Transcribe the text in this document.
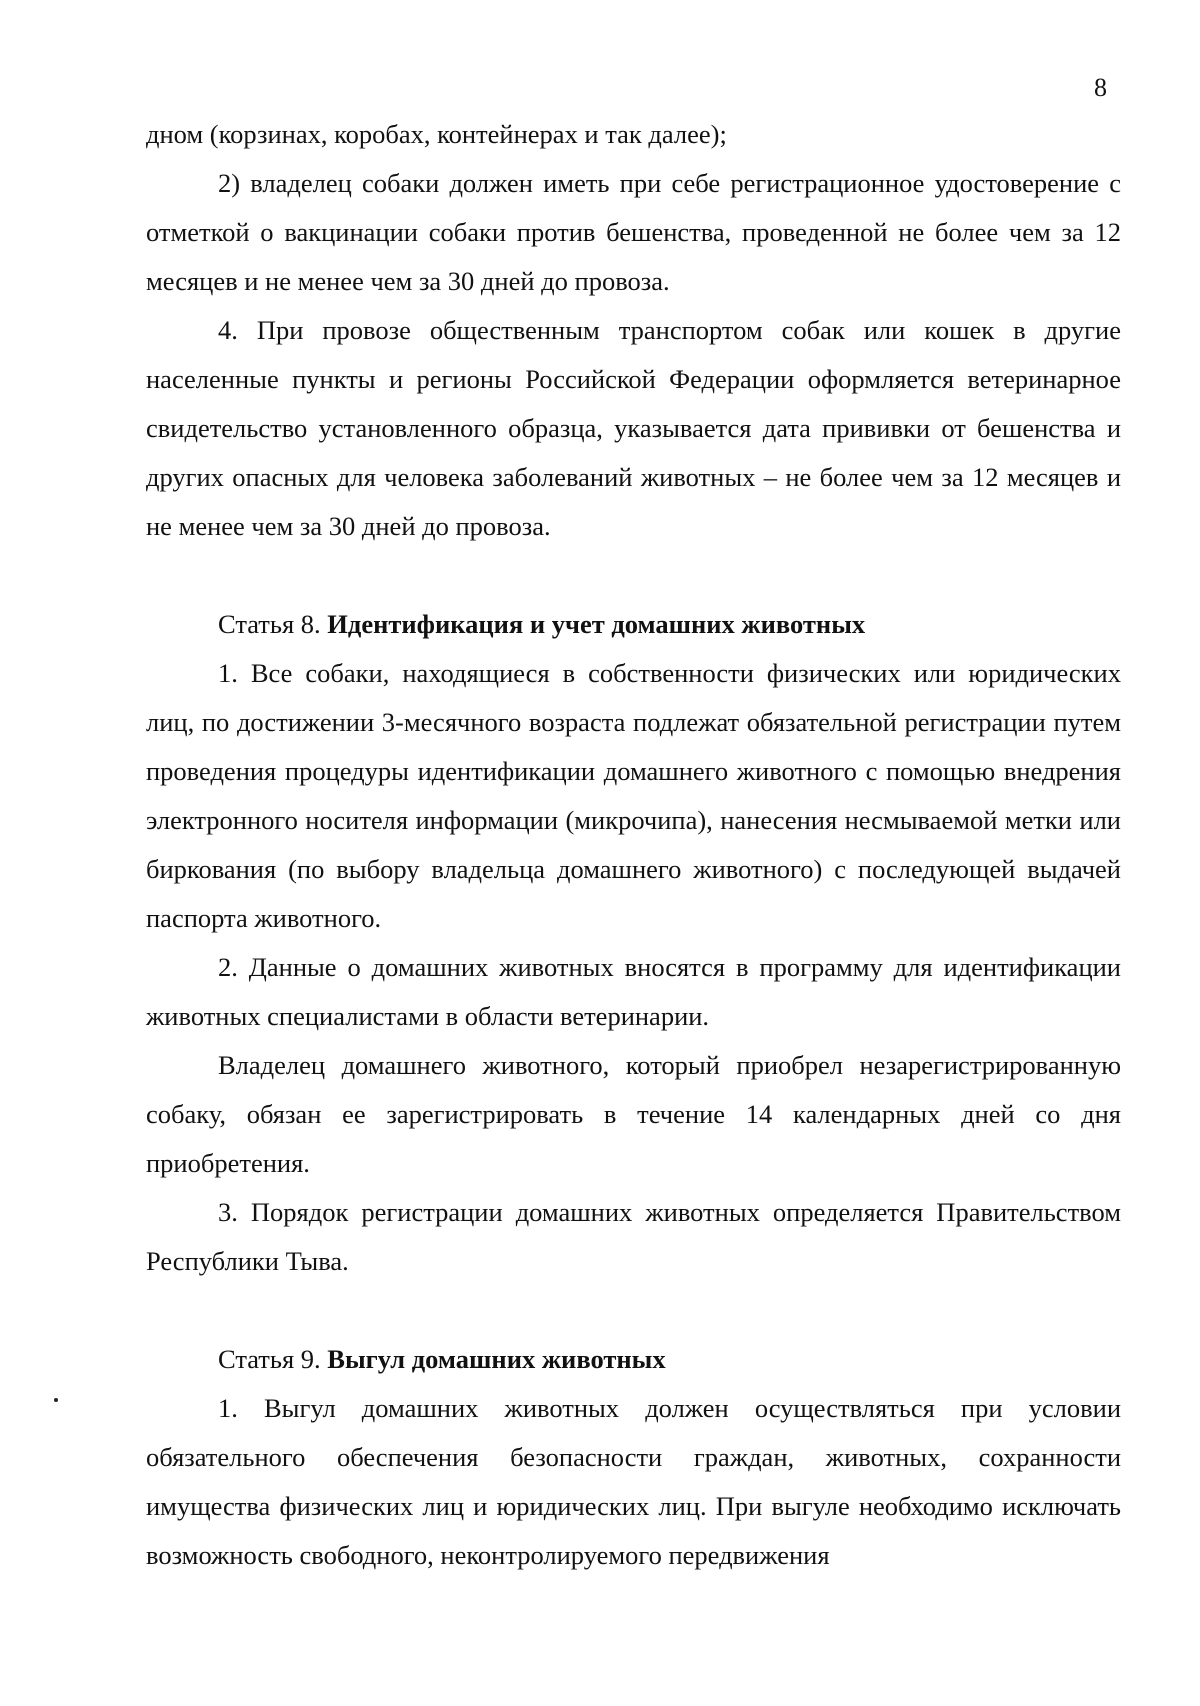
8

дном (корзинах, коробах, контейнерах и так далее);

2) владелец собаки должен иметь при себе регистрационное удостоверение с отметкой о вакцинации собаки против бешенства, проведенной не более чем за 12 месяцев и не менее чем за 30 дней до провоза.

4. При провозе общественным транспортом собак или кошек в другие населенные пункты и регионы Российской Федерации оформляется ветеринарное свидетельство установленного образца, указывается дата прививки от бешенства и других опасных для человека заболеваний животных – не более чем за 12 месяцев и не менее чем за 30 дней до провоза.

Статья 8. Идентификация и учет домашних животных

1. Все собаки, находящиеся в собственности физических или юридических лиц, по достижении 3-месячного возраста подлежат обязательной регистрации путем проведения процедуры идентификации домашнего животного с помощью внедрения электронного носителя информации (микрочипа), нанесения несмываемой метки или биркования (по выбору владельца домашнего животного) с последующей выдачей паспорта животного.

2. Данные о домашних животных вносятся в программу для идентификации животных специалистами в области ветеринарии.

Владелец домашнего животного, который приобрел незарегистрированную собаку, обязан ее зарегистрировать в течение 14 календарных дней со дня приобретения.

3. Порядок регистрации домашних животных определяется Правительством Республики Тыва.

Статья 9. Выгул домашних животных

1. Выгул домашних животных должен осуществляться при условии обязательного обеспечения безопасности граждан, животных, сохранности имущества физических лиц и юридических лиц. При выгуле необходимо исключать возможность свободного, неконтролируемого передвижения
